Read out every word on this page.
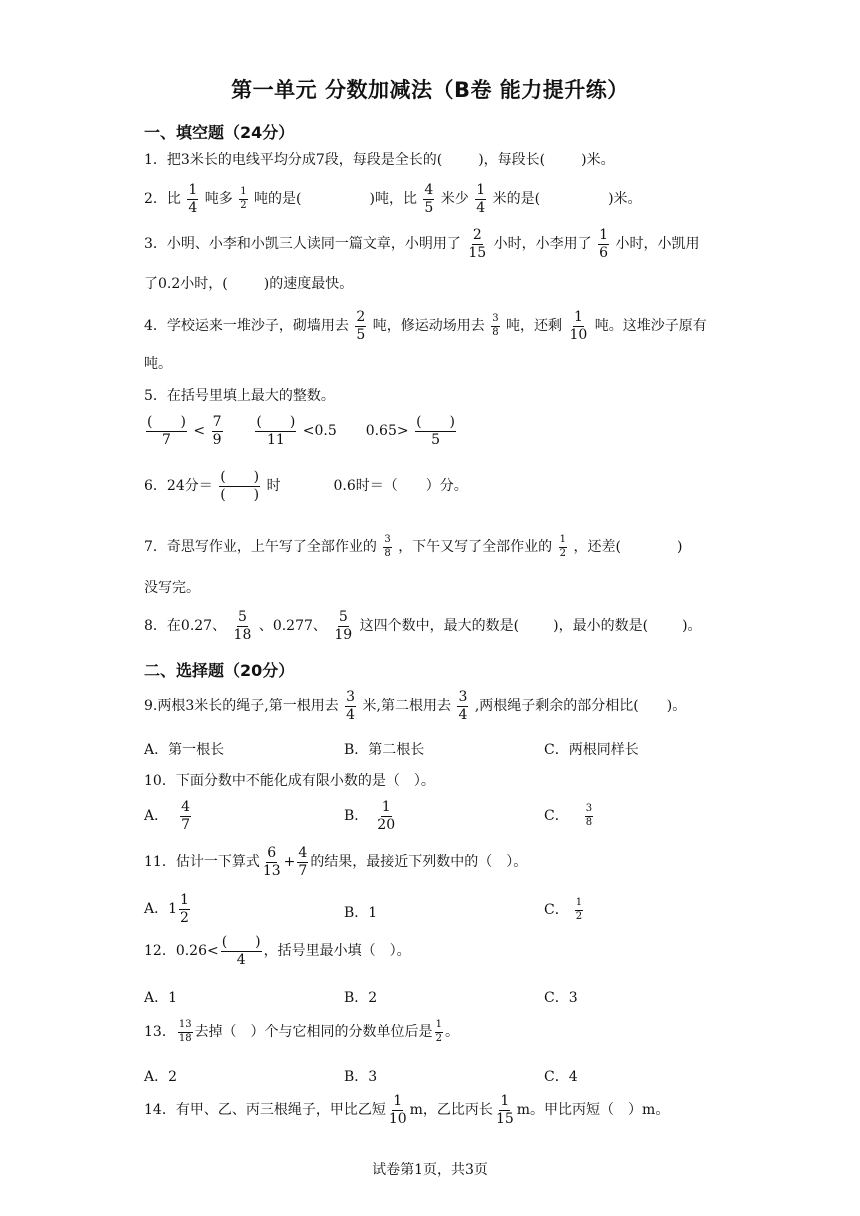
第一单元 分数加减法（B卷 能力提升练）
一、填空题（24分）
1．把3米长的电线平均分成7段，每段是全长的(	)，每段长(	)米。
2．比 $\frac{1}{4}$ 吨多 $\frac{1}{2}$ 吨的是(	)吨，比 $\frac{4}{5}$ 米少 $\frac{1}{4}$ 米的是(	)米。
3．小明、小李和小凯三人读同一篇文章，小明用了 $\frac{2}{15}$ 小时，小李用了 $\frac{1}{6}$ 小时，小凯用
了0.2小时，(	)的速度最快。
4．学校运来一堆沙子，砌墙用去 $\frac{2}{5}$ 吨，修运动场用去 $\frac{3}{8}$ 吨，还剩 $\frac{1}{10}$ 吨。这堆沙子原有
吨。
5．在括号里填上最大的整数。
$\frac{( )}{7} < \frac{7}{9}$
$\frac{( )}{11} <0.5$ $0.65> \frac{( )}{5}$
6．24分＝ $\frac{( )}{( )}$ 时	0.6时＝（　　）分。
7．奇思写作业，上午写了全部作业的 $\frac{3}{8}$ ，下午又写了全部作业的 $\frac{1}{2}$ ，还差(	)
没写完。
8．在0.27、 $\frac{5}{18}$ 、0.277、 $\frac{5}{19}$ 这四个数中，最大的数是( )，最小的数是( )。
二、选择题（20分）
9.两根3米长的绳子,第一根用去 $\frac{3}{4}$ 米,第二根用去 $\frac{3}{4}$ ,两根绳子剩余的部分相比(　　)。
A．第一根长	B．第二根长	C．两根同样长
10．下面分数中不能化成有限小数的是（　）。
A． $\frac{4}{7}$	B． $\frac{1}{20}$	C． $\frac{3}{8}$
11．估计一下算式 $\frac{6}{13} + \frac{4}{7}$ 的结果，最接近下列数中的（　）。
A．$1 \frac{1}{2}$	B．1	C． $\frac{1}{2}$
12．$0.26< \frac{( )}{4}$ ，括号里最小填（　）。
A．1	B．2	C．3
13． $\frac{13}{18}$ 去掉（　）个与它相同的分数单位后是 $\frac{1}{2}$ 。
A．2	B．3	C．4
14．有甲、乙、丙三根绳子，甲比乙短 $\frac{1}{10}$ m，乙比丙长 $\frac{1}{15}$ m。甲比丙短（　）m。
试卷第1页，共3页
